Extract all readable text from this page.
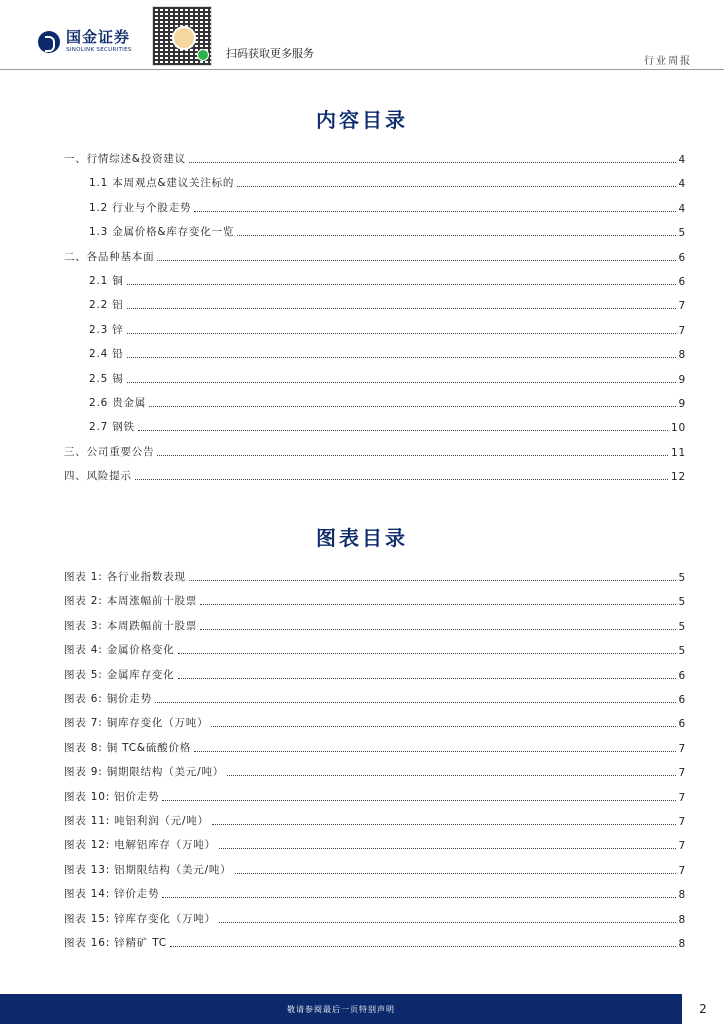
国金证券
SINOLINK SECURITIES	扫码获取更多服务
行业周报
内容目录
一、行情综述&投资建议	4
1.1 本周观点&建议关注标的	4
1.2 行业与个股走势	4
1.3 金属价格&库存变化一览	5
二、各品种基本面	6
2.1 铜	6
2.2 铝	7
2.3 锌	7
2.4 铅	8
2.5 锡	9
2.6 贵金属	9
2.7 钢铁	10
三、公司重要公告	11
四、风险提示	12
图表目录
图表 1: 各行业指数表现	5
图表 2: 本周涨幅前十股票	5
图表 3: 本周跌幅前十股票	5
图表 4: 金属价格变化	5
图表 5: 金属库存变化	6
图表 6: 铜价走势	6
图表 7: 铜库存变化（万吨）	6
图表 8: 铜 TC&硫酸价格	7
图表 9: 铜期限结构（美元/吨）	7
图表 10: 铝价走势	7
图表 11: 吨铝利润（元/吨）	7
图表 12: 电解铝库存（万吨）	7
图表 13: 铝期限结构（美元/吨）	7
图表 14: 锌价走势	8
图表 15: 锌库存变化（万吨）	8
图表 16: 锌精矿 TC	8
敬请参阅最后一页特别声明	2
